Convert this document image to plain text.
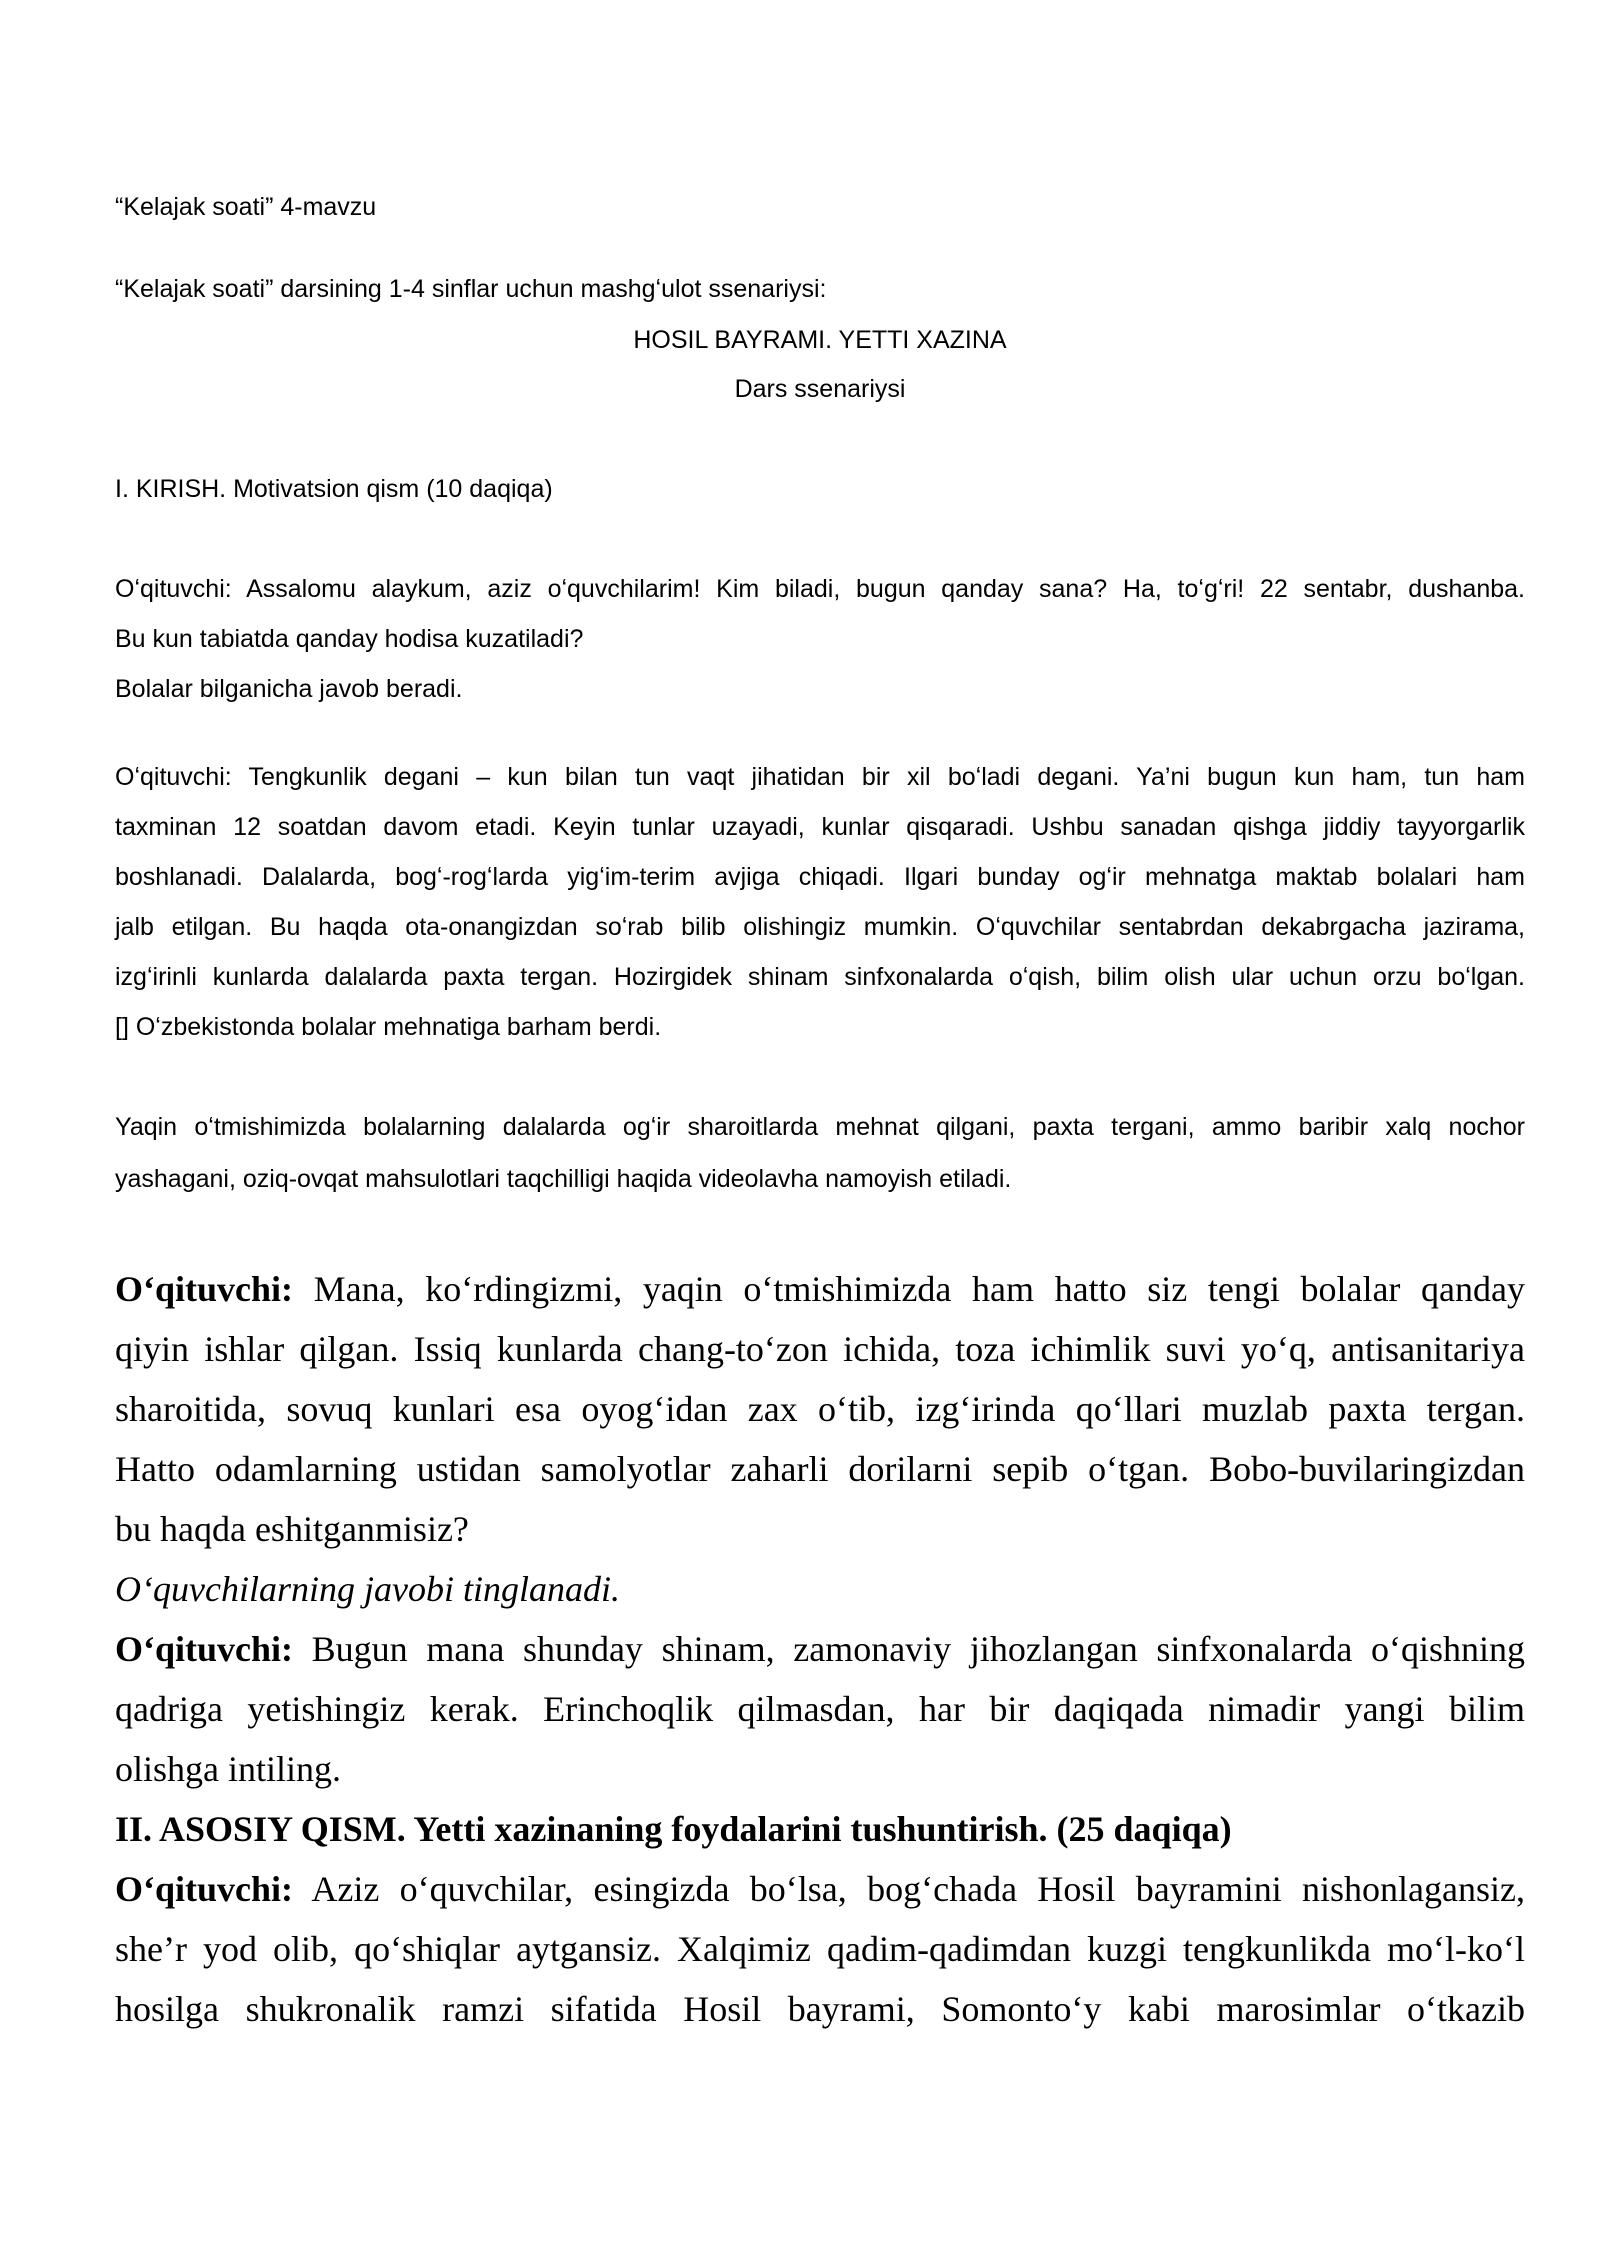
“Kelajak soati” 4-mavzu
“Kelajak soati” darsining 1-4 sinflar uchun mashgʻulot ssenariysi:
HOSIL BAYRAMI. YETTI XAZINA
Dars ssenariysi
I. KIRISH. Motivatsion qism (10 daqiqa)
Oʻqituvchi: Assalomu alaykum, aziz oʻquvchilarim! Kim biladi, bugun qanday sana? Ha, toʻgʻri! 22 sentabr, dushanba.
Bu kun tabiatda qanday hodisa kuzatiladi?
Bolalar bilganicha javob beradi.
Oʻqituvchi: Tengkunlik degani – kun bilan tun vaqt jihatidan bir xil boʻladi degani. Ya’ni bugun kun ham, tun ham
taxminan 12 soatdan davom etadi. Keyin tunlar uzayadi, kunlar qisqaradi. Ushbu sanadan qishga jiddiy tayyorgarlik
boshlanadi. Dalalarda, bogʻ-rogʻlarda yigʻim-terim avjiga chiqadi. Ilgari bunday ogʻir mehnatga maktab bolalari ham
jalb etilgan. Bu haqda ota-onangizdan soʻrab bilib olishingiz mumkin. Oʻquvchilar sentabrdan dekabrgacha jazirama,
izgʻirinli kunlarda dalalarda paxta tergan. Hozirgidek shinam sinfxonalarda oʻqish, bilim olish ular uchun orzu boʻlgan.
[] Oʻzbekistonda bolalar mehnatiga barham berdi.
Yaqin oʻtmishimizda bolalarning dalalarda ogʻir sharoitlarda mehnat qilgani, paxta tergani, ammo baribir xalq nochor
yashagani, oziq-ovqat mahsulotlari taqchilligi haqida videolavha namoyish etiladi.
Oʻqituvchi: Mana, koʻrdingizmi, yaqin oʻtmishimizda ham hatto siz tengi bolalar qanday
qiyin ishlar qilgan. Issiq kunlarda chang-toʻzon ichida, toza ichimlik suvi yoʻq, antisanitariya
sharoitida, sovuq kunlari esa oyogʻidan zax oʻtib, izgʻirinda qoʻllari muzlab paxta tergan.
Hatto odamlarning ustidan samolyotlar zaharli dorilarni sepib oʻtgan. Bobo-buvilaringizdan
bu haqda eshitganmisiz?
Oʻquvchilarning javobi tinglanadi.
Oʻqituvchi: Bugun mana shunday shinam, zamonaviy jihozlangan sinfxonalarda oʻqishning
qadriga yetishingiz kerak. Erinchoqlik qilmasdan, har bir daqiqada nimadir yangi bilim
olishga intiling.
II. ASOSIY QISM. Yetti xazinaning foydalarini tushuntirish. (25 daqiqa)
Oʻqituvchi: Aziz oʻquvchilar, esingizda boʻlsa, bogʻchada Hosil bayramini nishonlagansiz,
she’r yod olib, qoʻshiqlar aytgansiz. Xalqimiz qadim-qadimdan kuzgi tengkunlikda moʻl-koʻl
hosilga shukronalik ramzi sifatida Hosil bayrami, Somontoʻy kabi marosimlar oʻtkazib
